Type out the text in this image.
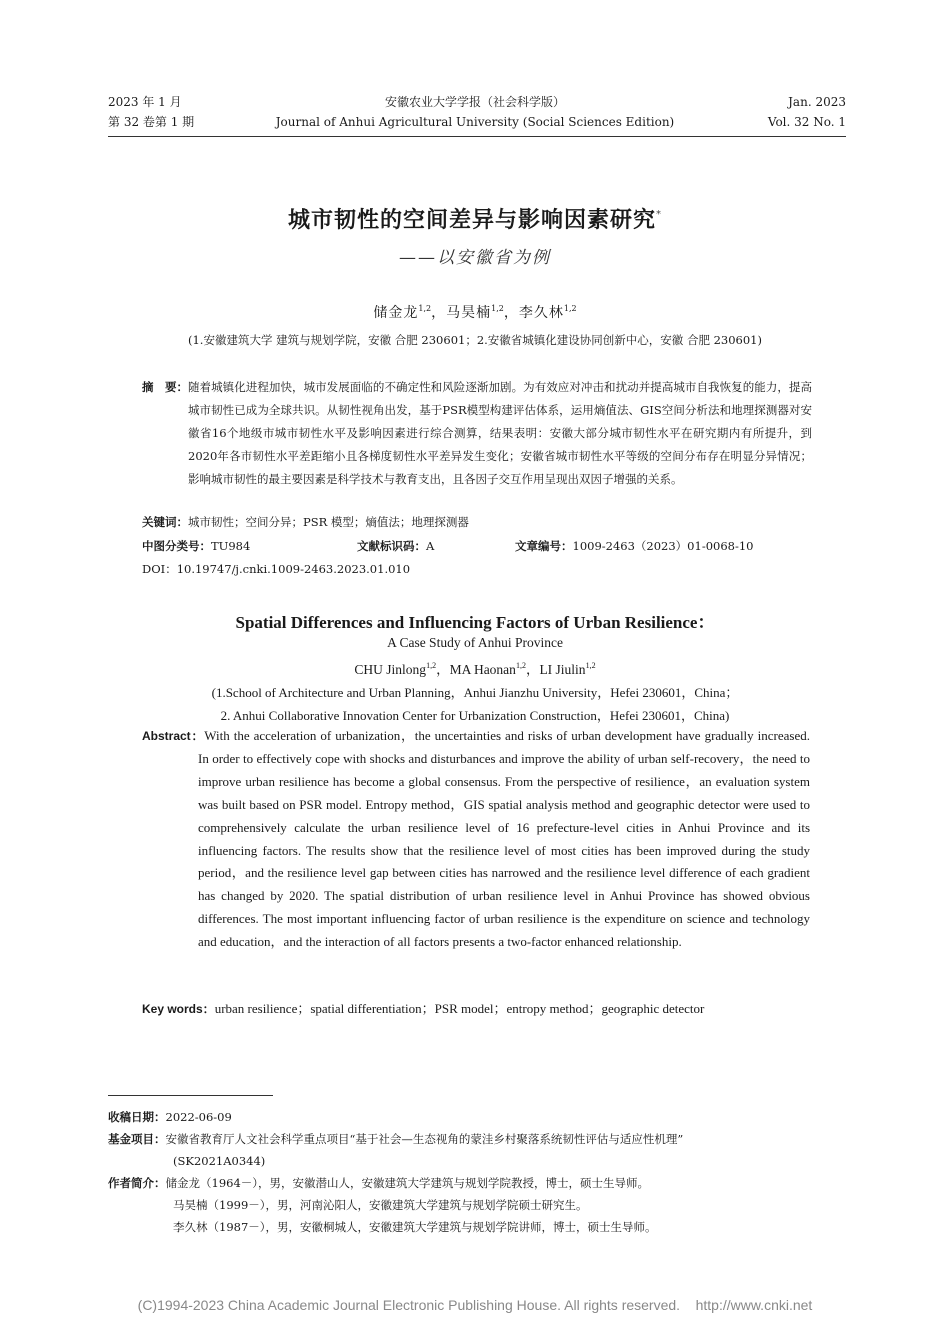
2023 年 1 月
第 32 卷第 1 期
安徽农业大学学报（社会科学版）
Journal of Anhui Agricultural University (Social Sciences Edition)
Jan. 2023
Vol. 32 No. 1
城市韧性的空间差异与影响因素研究*
——以安徽省为例
储金龙$^{1,2}$，马昊楠$^{1,2}$，李久林$^{1,2}$
(1.安徽建筑大学 建筑与规划学院，安徽 合肥 230601；2.安徽省城镇化建设协同创新中心，安徽 合肥 230601)
摘　要： 随着城镇化进程加快，城市发展面临的不确定性和风险逐渐加剧。为有效应对冲击和扰动并提高城市自我恢复的能力，提高城市韧性已成为全球共识。从韧性视角出发，基于PSR模型构建评估体系，运用熵值法、GIS空间分析法和地理探测器对安徽省16个地级市城市韧性水平及影响因素进行综合测算，结果表明：安徽大部分城市韧性水平在研究期内有所提升，到2020年各市韧性水平差距缩小且各梯度韧性水平差异发生变化；安徽省城市韧性水平等级的空间分布存在明显分异情况；影响城市韧性的最主要因素是科学技术与教育支出，且各因子交互作用呈现出双因子增强的关系。
关键词：城市韧性；空间分异；PSR 模型；熵值法；地理探测器
中图分类号：TU984	文献标识码：A	文章编号：1009-2463（2023）01-0068-10
DOI：10.19747/j.cnki.1009-2463.2023.01.010
Spatial Differences and Influencing Factors of Urban Resilience：
A Case Study of Anhui Province
CHU Jinlong$^{1,2}$，MA Haonan$^{1,2}$，LI Jiulin$^{1,2}$
(1.School of Architecture and Urban Planning，Anhui Jianzhu University，Hefei 230601，China；
2. Anhui Collaborative Innovation Center for Urbanization Construction，Hefei 230601，China)
Abstract：With the acceleration of urbanization，the uncertainties and risks of urban development have gradually increased. In order to effectively cope with shocks and disturbances and improve the ability of urban self-recovery，the need to improve urban resilience has become a global consensus. From the perspective of resilience，an evaluation system was built based on PSR model. Entropy method，GIS spatial analysis method and geographic detector were used to comprehensively calculate the urban resilience level of 16 prefecture-level cities in Anhui Province and its influencing factors. The results show that the resilience level of most cities has been improved during the study period，and the resilience level gap between cities has narrowed and the resilience level difference of each gradient has changed by 2020. The spatial distribution of urban resilience level in Anhui Province has showed obvious differences. The most important influencing factor of urban resilience is the expenditure on science and technology and education，and the interaction of all factors presents a two-factor enhanced relationship.
Key words：urban resilience；spatial differentiation；PSR model；entropy method；geographic detector
收稿日期：2022-06-09
基金项目：安徽省教育厅人文社会科学重点项目“基于社会—生态视角的蒙洼乡村聚落系统韧性评估与适应性机理”
(SK2021A0344)
作者简介：储金龙（1964－），男，安徽潜山人，安徽建筑大学建筑与规划学院教授，博士，硕士生导师。
马昊楠（1999－），男，河南沁阳人，安徽建筑大学建筑与规划学院硕士研究生。
李久林（1987－），男，安徽桐城人，安徽建筑大学建筑与规划学院讲师，博士，硕士生导师。
(C)1994-2023 China Academic Journal Electronic Publishing House. All rights reserved.    http://www.cnki.net
